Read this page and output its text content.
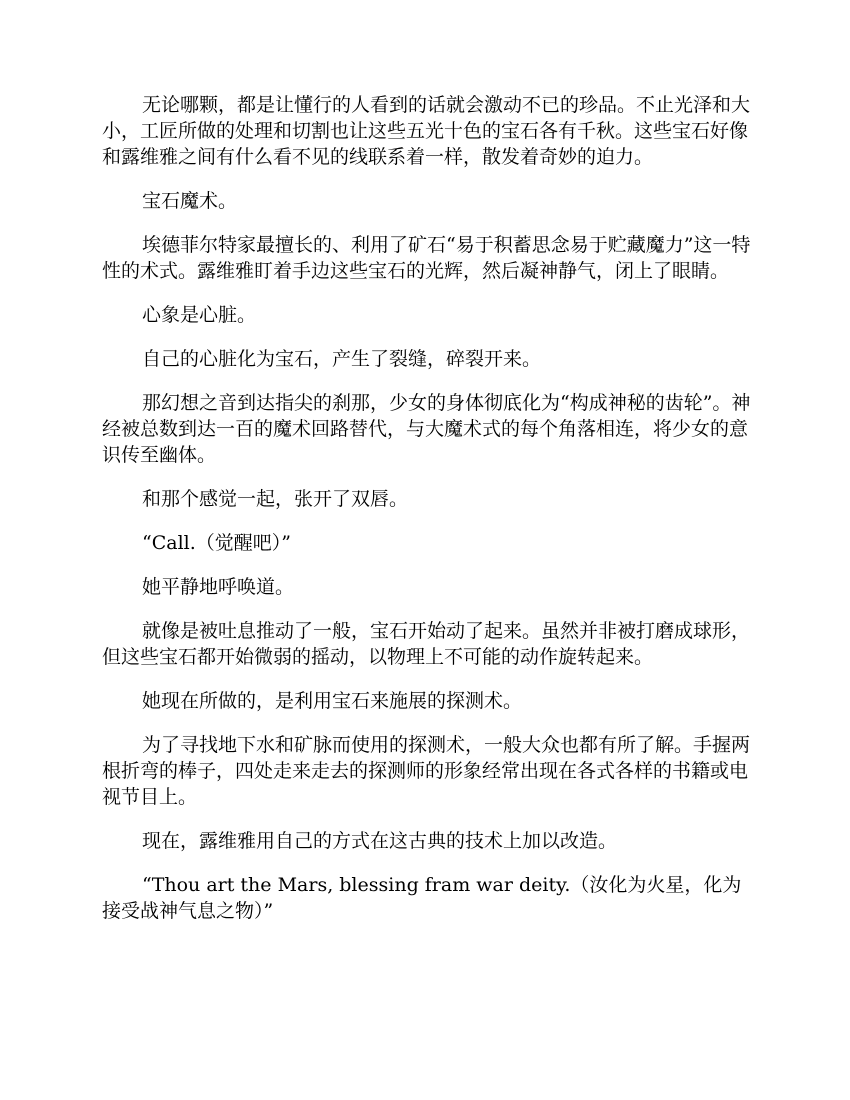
无论哪颗，都是让懂行的人看到的话就会激动不已的珍品。不止光泽和大小，工匠所做的处理和切割也让这些五光十色的宝石各有千秋。这些宝石好像和露维雅之间有什么看不见的线联系着一样，散发着奇妙的迫力。

宝石魔术。

埃德菲尔特家最擅长的、利用了矿石“易于积蓄思念易于贮藏魔力”这一特性的术式。露维雅盯着手边这些宝石的光辉，然后凝神静气，闭上了眼睛。

心象是心脏。

自己的心脏化为宝石，产生了裂缝，碎裂开来。

那幻想之音到达指尖的刹那，少女的身体彻底化为“构成神秘的齿轮”。神经被总数到达一百的魔术回路替代，与大魔术式的每个角落相连，将少女的意识传至幽体。

和那个感觉一起，张开了双唇。

“Call.（觉醒吧）”

她平静地呼唤道。

就像是被吐息推动了一般，宝石开始动了起来。虽然并非被打磨成球形，但这些宝石都开始微弱的摇动，以物理上不可能的动作旋转起来。

她现在所做的，是利用宝石来施展的探测术。

为了寻找地下水和矿脉而使用的探测术，一般大众也都有所了解。手握两根折弯的棒子，四处走来走去的探测师的形象经常出现在各式各样的书籍或电视节目上。

现在，露维雅用自己的方式在这古典的技术上加以改造。

“Thou art the Mars, blessing fram war deity.（汝化为火星，化为接受战神气息之物）”
